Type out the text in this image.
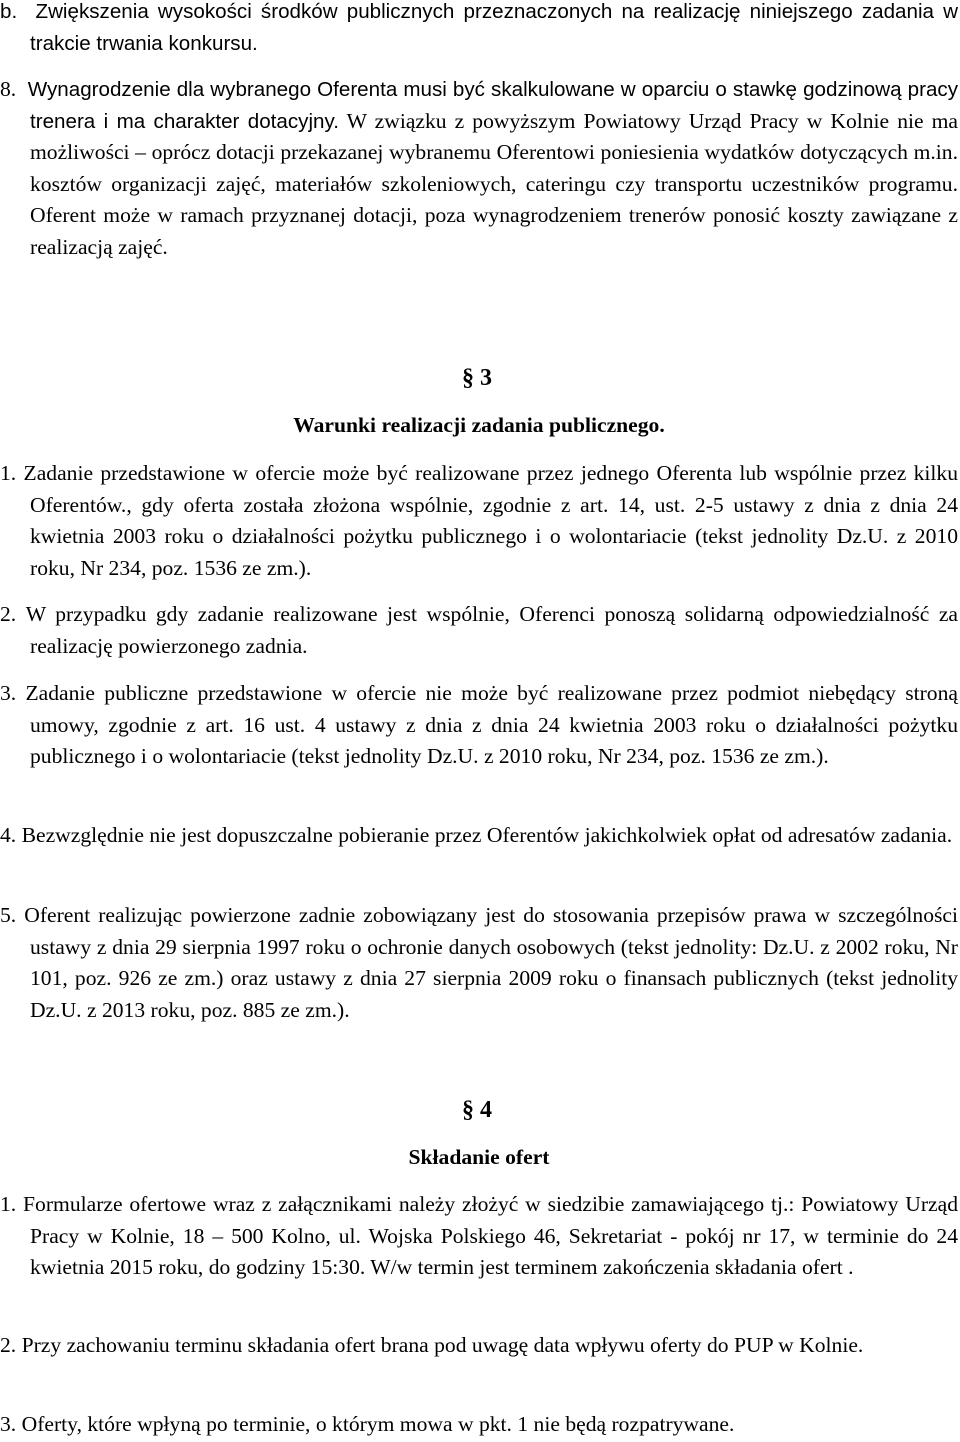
b. Zwiększenia wysokości środków publicznych przeznaczonych na realizację niniejszego zadania w trakcie trwania konkursu.

8. Wynagrodzenie dla wybranego Oferenta musi być skalkulowane w oparciu o stawkę godzinową pracy trenera i ma charakter dotacyjny. W związku z powyższym Powiatowy Urząd Pracy w Kolnie nie ma możliwości – oprócz dotacji przekazanej wybranemu Oferentowi poniesienia wydatków dotyczących m.in. kosztów organizacji zajęć, materiałów szkoleniowych, cateringu czy transportu uczestników programu. Oferent może w ramach przyznanej dotacji, poza wynagrodzeniem trenerów ponosić koszty zawiązane z realizacją zajęć.

§ 3

Warunki realizacji zadania publicznego.

1. Zadanie przedstawione w ofercie może być realizowane przez jednego Oferenta lub wspólnie przez kilku Oferentów., gdy oferta została złożona wspólnie, zgodnie z art. 14, ust. 2-5 ustawy z dnia z dnia 24 kwietnia 2003 roku o działalności pożytku publicznego i o wolontariacie (tekst jednolity Dz.U. z 2010 roku, Nr 234, poz. 1536 ze zm.).

2. W przypadku gdy zadanie realizowane jest wspólnie, Oferenci ponoszą solidarną odpowiedzialność za realizację powierzonego zadnia.

3. Zadanie publiczne przedstawione w ofercie nie może być realizowane przez podmiot niebędący stroną umowy, zgodnie z art. 16 ust. 4 ustawy z dnia z dnia 24 kwietnia 2003 roku o działalności pożytku publicznego i o wolontariacie (tekst jednolity Dz.U. z 2010 roku, Nr 234, poz. 1536 ze zm.).

4. Bezwzględnie nie jest dopuszczalne pobieranie przez Oferentów jakichkolwiek opłat od adresatów zadania.

5. Oferent realizując powierzone zadnie zobowiązany jest do stosowania przepisów prawa w szczególności ustawy z dnia 29 sierpnia 1997 roku o ochronie danych osobowych (tekst jednolity: Dz.U. z 2002 roku, Nr 101, poz. 926 ze zm.) oraz ustawy z dnia 27 sierpnia 2009 roku o finansach publicznych (tekst jednolity Dz.U. z 2013 roku, poz. 885 ze zm.).

§ 4

Składanie ofert

1. Formularze ofertowe wraz z załącznikami należy złożyć w siedzibie zamawiającego tj.: Powiatowy Urząd Pracy w Kolnie, 18 – 500 Kolno, ul. Wojska Polskiego 46, Sekretariat - pokój nr 17, w terminie do 24 kwietnia 2015 roku, do godziny 15:30. W/w termin jest terminem zakończenia składania ofert .

2. Przy zachowaniu terminu składania ofert brana pod uwagę data wpływu oferty do PUP w Kolnie.

3. Oferty, które wpłyną po terminie, o którym mowa w pkt. 1 nie będą rozpatrywane.
